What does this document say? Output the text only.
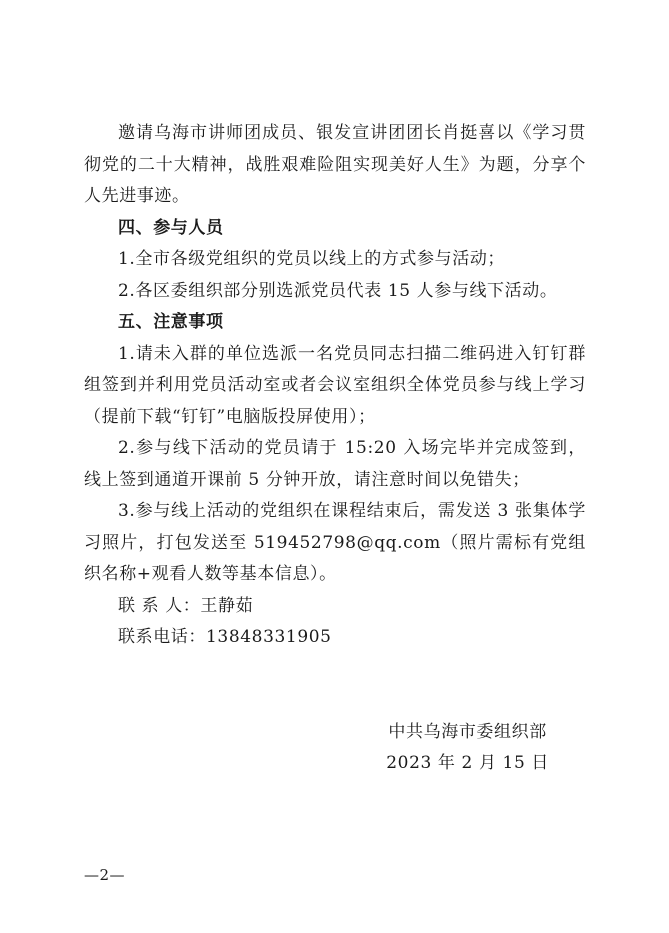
邀请乌海市讲师团成员、银发宣讲团团长肖挺喜以《学习贯彻党的二十大精神，战胜艰难险阻实现美好人生》为题，分享个人先进事迹。

四、参与人员

1.全市各级党组织的党员以线上的方式参与活动；

2.各区委组织部分别选派党员代表 15 人参与线下活动。

五、注意事项

1.请未入群的单位选派一名党员同志扫描二维码进入钉钉群组签到并利用党员活动室或者会议室组织全体党员参与线上学习（提前下载“钉钉”电脑版投屏使用）；

2.参与线下活动的党员请于 15:20 入场完毕并完成签到，线上签到通道开课前 5 分钟开放，请注意时间以免错失；

3.参与线上活动的党组织在课程结束后，需发送 3 张集体学习照片，打包发送至 519452798@qq.com（照片需标有党组织名称+观看人数等基本信息）。

联 系 人：王静茹

联系电话：13848331905

中共乌海市委组织部
2023 年 2 月 15 日
—2—
